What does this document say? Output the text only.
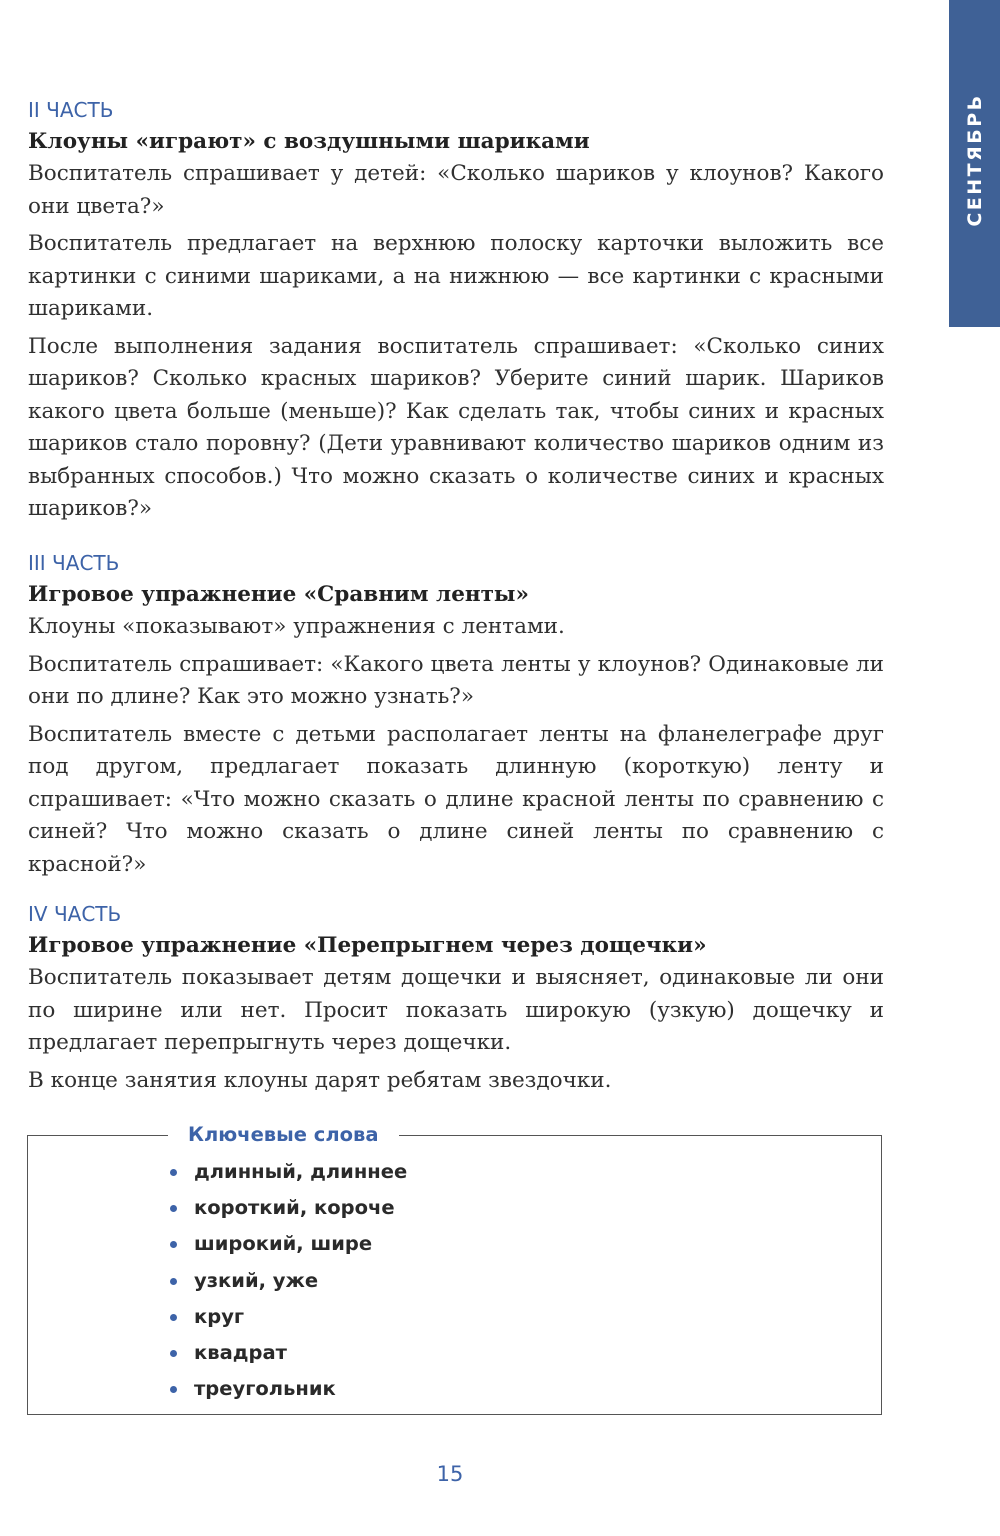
СЕНТЯБРЬ
II ЧАСТЬ
Клоуны «играют» с воздушными шариками

Воспитатель спрашивает у детей: «Сколько шариков у клоунов? Какого они цвета?»

Воспитатель предлагает на верхнюю полоску карточки выложить все картинки с синими шариками, а на нижнюю — все картинки с красными шариками.

После выполнения задания воспитатель спрашивает: «Сколько синих шариков? Сколько красных шариков? Уберите синий шарик. Шариков какого цвета больше (меньше)? Как сделать так, чтобы синих и красных шариков стало поровну? (Дети уравнивают количество шариков одним из выбранных способов.) Что можно сказать о количестве синих и красных шариков?»

III ЧАСТЬ
Игровое упражнение «Сравним ленты»

Клоуны «показывают» упражнения с лентами.

Воспитатель спрашивает: «Какого цвета ленты у клоунов? Одинаковые ли они по длине? Как это можно узнать?»

Воспитатель вместе с детьми располагает ленты на фланелеграфе друг под другом, предлагает показать длинную (короткую) ленту и спрашивает: «Что можно сказать о длине красной ленты по сравнению с синей? Что можно сказать о длине синей ленты по сравнению с красной?»

IV ЧАСТЬ
Игровое упражнение «Перепрыгнем через дощечки»

Воспитатель показывает детям дощечки и выясняет, одинаковые ли они по ширине или нет. Просит показать широкую (узкую) дощечку и предлагает перепрыгнуть через дощечки.

В конце занятия клоуны дарят ребятам звездочки.

Ключевые слова
длинный, длиннее
короткий, короче
широкий, шире
узкий, уже
круг
квадрат
треугольник
15
